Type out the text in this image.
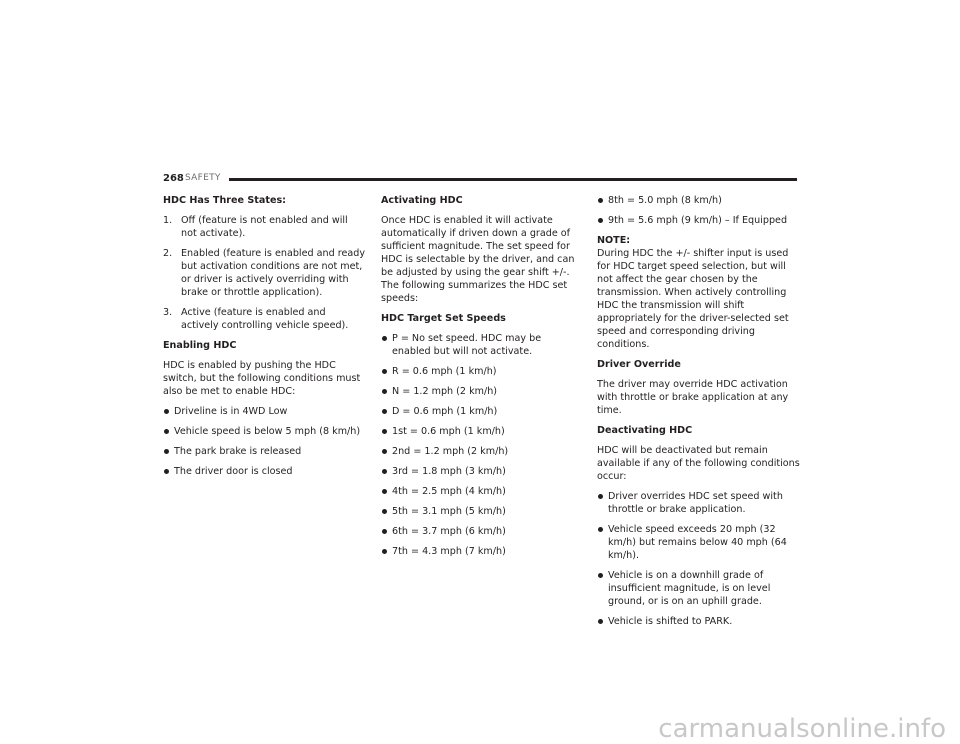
268 SAFETY
HDC Has Three States:
1. Off (feature is not enabled and will not activate).
2. Enabled (feature is enabled and ready but activation conditions are not met, or driver is actively overriding with brake or throttle application).
3. Active (feature is enabled and actively controlling vehicle speed).
Enabling HDC

HDC is enabled by pushing the HDC switch, but the following conditions must also be met to enable HDC:

Driveline is in 4WD Low
Vehicle speed is below 5 mph (8 km/h)
The park brake is released
The driver door is closed
Activating HDC

Once HDC is enabled it will activate automatically if driven down a grade of sufficient magnitude. The set speed for HDC is selectable by the driver, and can be adjusted by using the gear shift +/-. The following summarizes the HDC set speeds:

HDC Target Set Speeds
P = No set speed. HDC may be enabled but will not activate.
R = 0.6 mph (1 km/h)
N = 1.2 mph (2 km/h)
D = 0.6 mph (1 km/h)
1st = 0.6 mph (1 km/h)
2nd = 1.2 mph (2 km/h)
3rd = 1.8 mph (3 km/h)
4th = 2.5 mph (4 km/h)
5th = 3.1 mph (5 km/h)
6th = 3.7 mph (6 km/h)
7th = 4.3 mph (7 km/h)
8th = 5.0 mph (8 km/h)
9th = 5.6 mph (9 km/h) – If Equipped

NOTE:

During HDC the +/- shifter input is used for HDC target speed selection, but will not affect the gear chosen by the transmission. When actively controlling HDC the transmission will shift appropriately for the driver-selected set speed and corresponding driving conditions.

Driver Override

The driver may override HDC activation with throttle or brake application at any time.

Deactivating HDC

HDC will be deactivated but remain available if any of the following conditions occur:

Driver overrides HDC set speed with throttle or brake application.
Vehicle speed exceeds 20 mph (32 km/h) but remains below 40 mph (64 km/h).
Vehicle is on a downhill grade of insufficient magnitude, is on level ground, or is on an uphill grade.
Vehicle is shifted to PARK.
carmanualsonline.info
